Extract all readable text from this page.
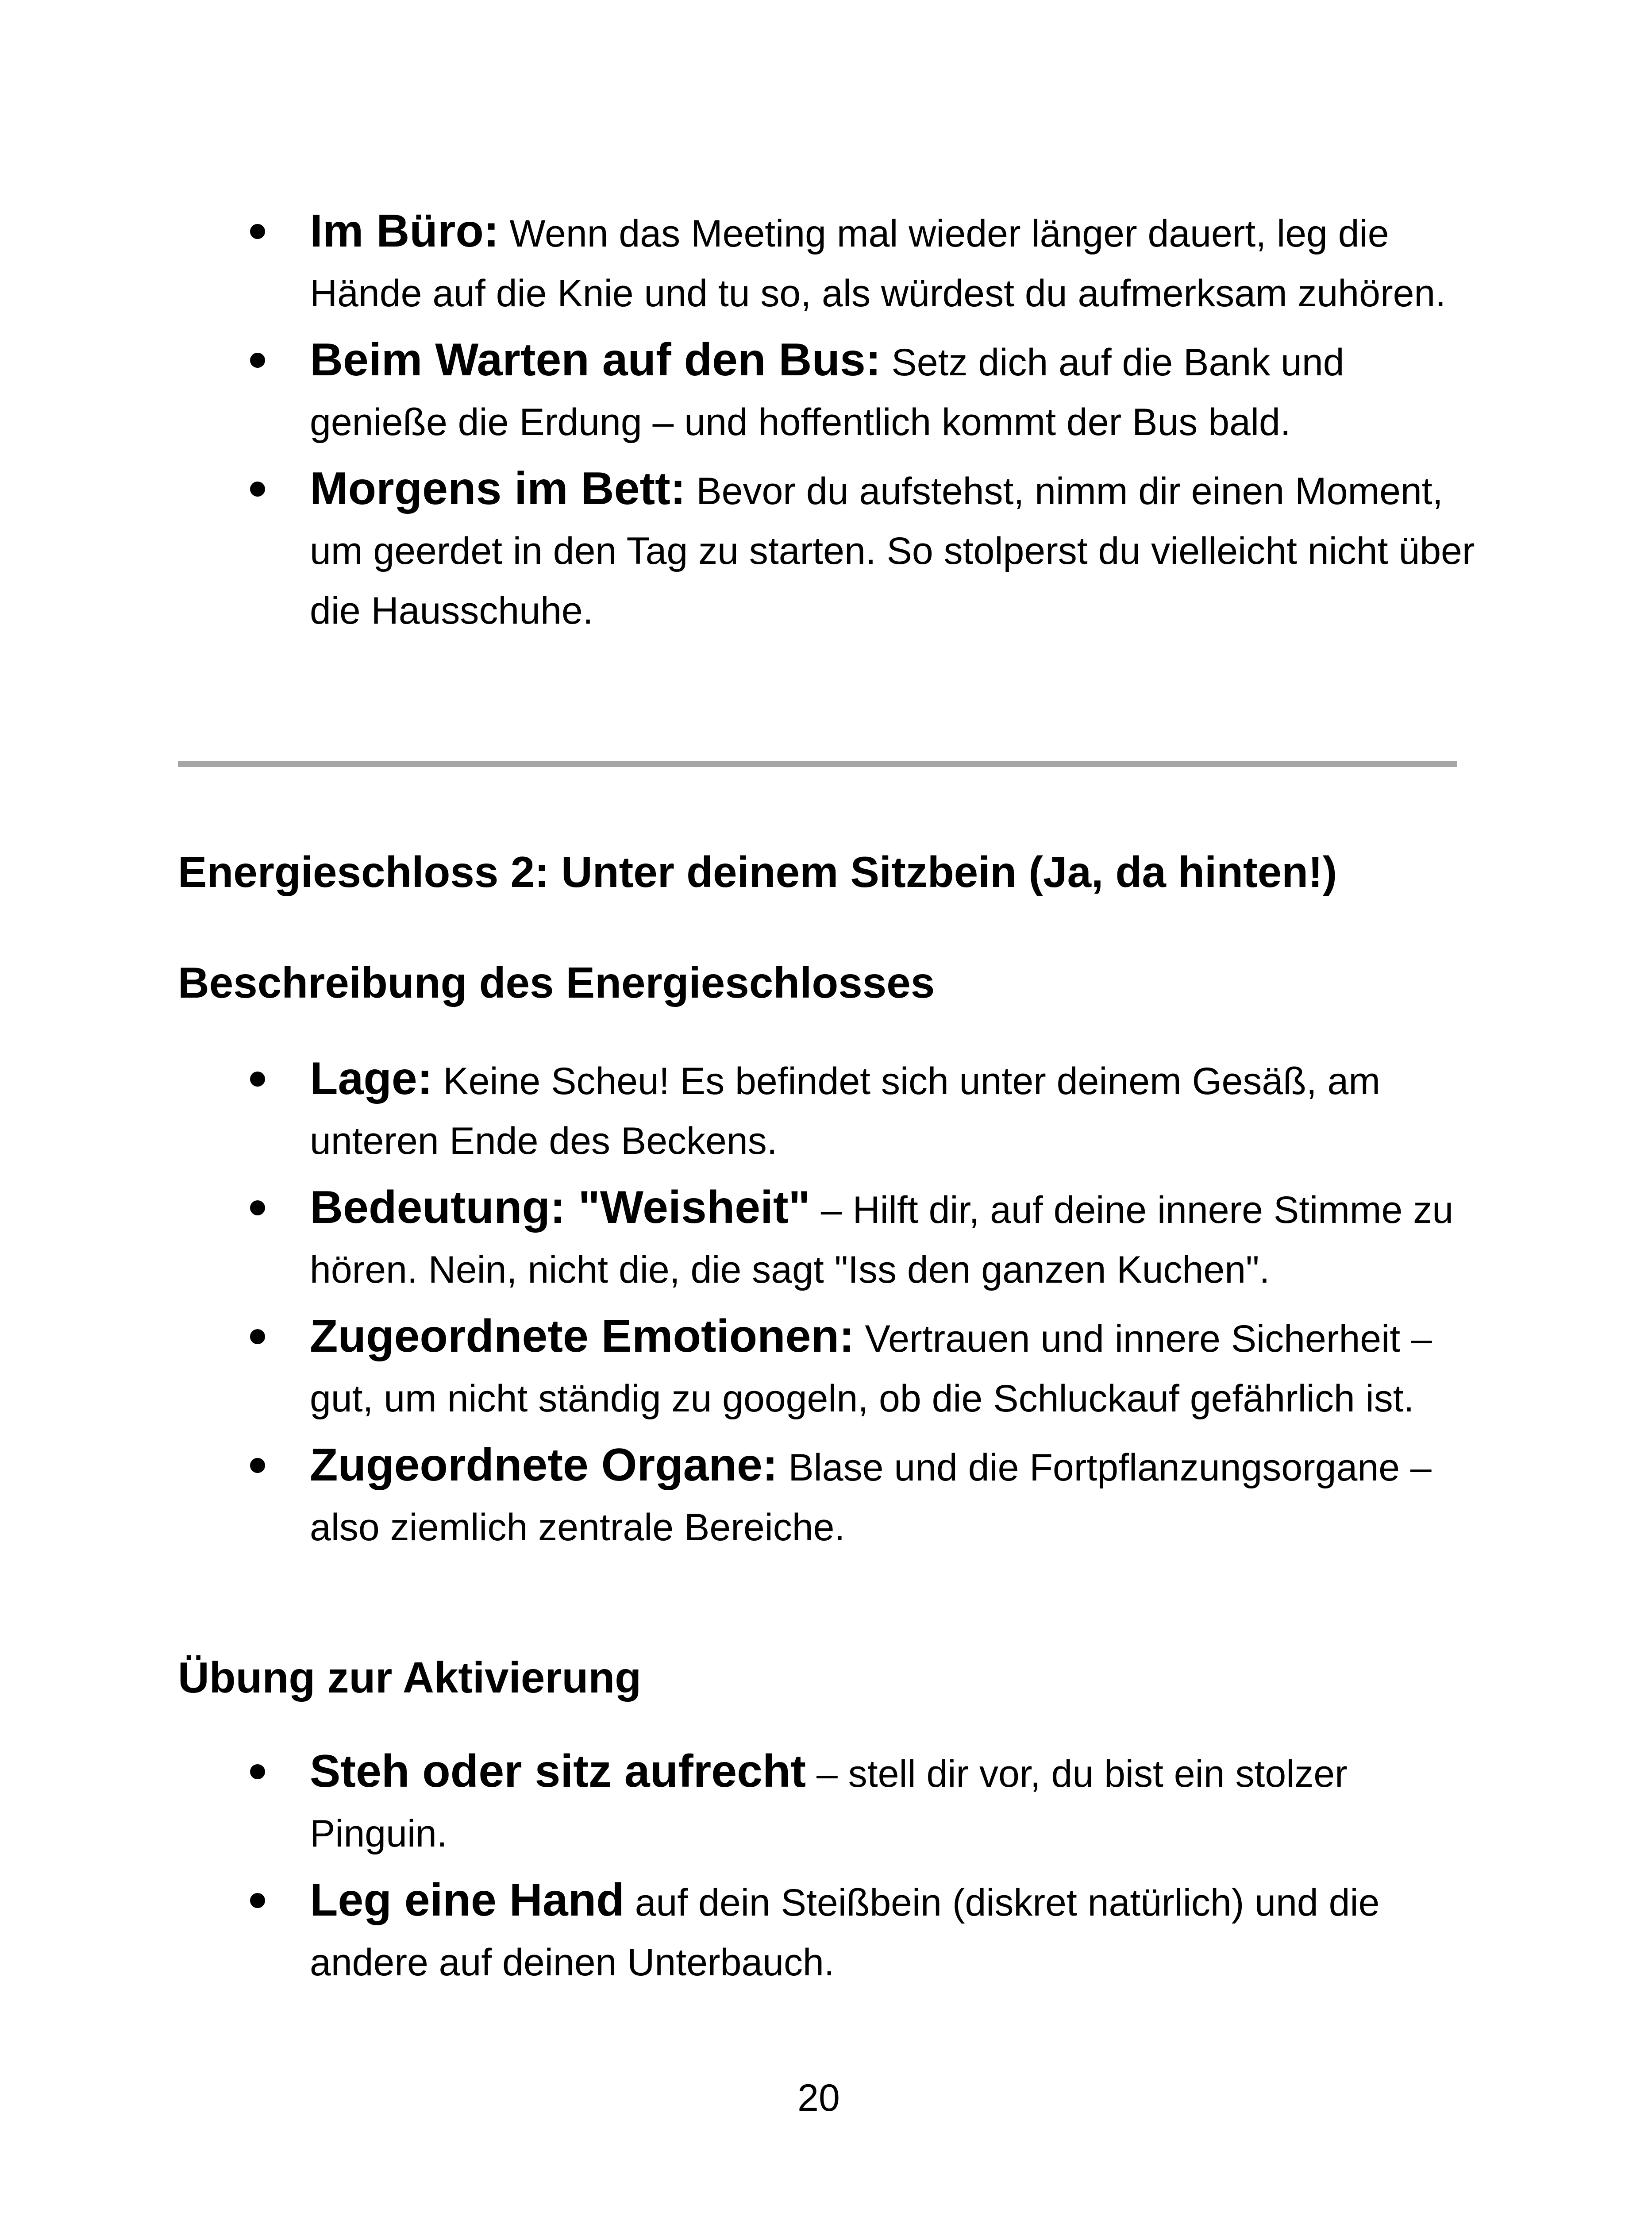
Im Büro: Wenn das Meeting mal wieder länger dauert, leg die Hände auf die Knie und tu so, als würdest du aufmerksam zuhören.
Beim Warten auf den Bus: Setz dich auf die Bank und genieße die Erdung – und hoffentlich kommt der Bus bald.
Morgens im Bett: Bevor du aufstehst, nimm dir einen Moment, um geerdet in den Tag zu starten. So stolperst du vielleicht nicht über die Hausschuhe.
Energieschloss 2: Unter deinem Sitzbein (Ja, da hinten!)
Beschreibung des Energieschlosses
Lage: Keine Scheu! Es befindet sich unter deinem Gesäß, am unteren Ende des Beckens.
Bedeutung: "Weisheit" – Hilft dir, auf deine innere Stimme zu hören. Nein, nicht die, die sagt "Iss den ganzen Kuchen".
Zugeordnete Emotionen: Vertrauen und innere Sicherheit – gut, um nicht ständig zu googeln, ob die Schluckauf gefährlich ist.
Zugeordnete Organe: Blase und die Fortpflanzungsorgane – also ziemlich zentrale Bereiche.
Übung zur Aktivierung
Steh oder sitz aufrecht – stell dir vor, du bist ein stolzer Pinguin.
Leg eine Hand auf dein Steißbein (diskret natürlich) und die andere auf deinen Unterbauch.
20
